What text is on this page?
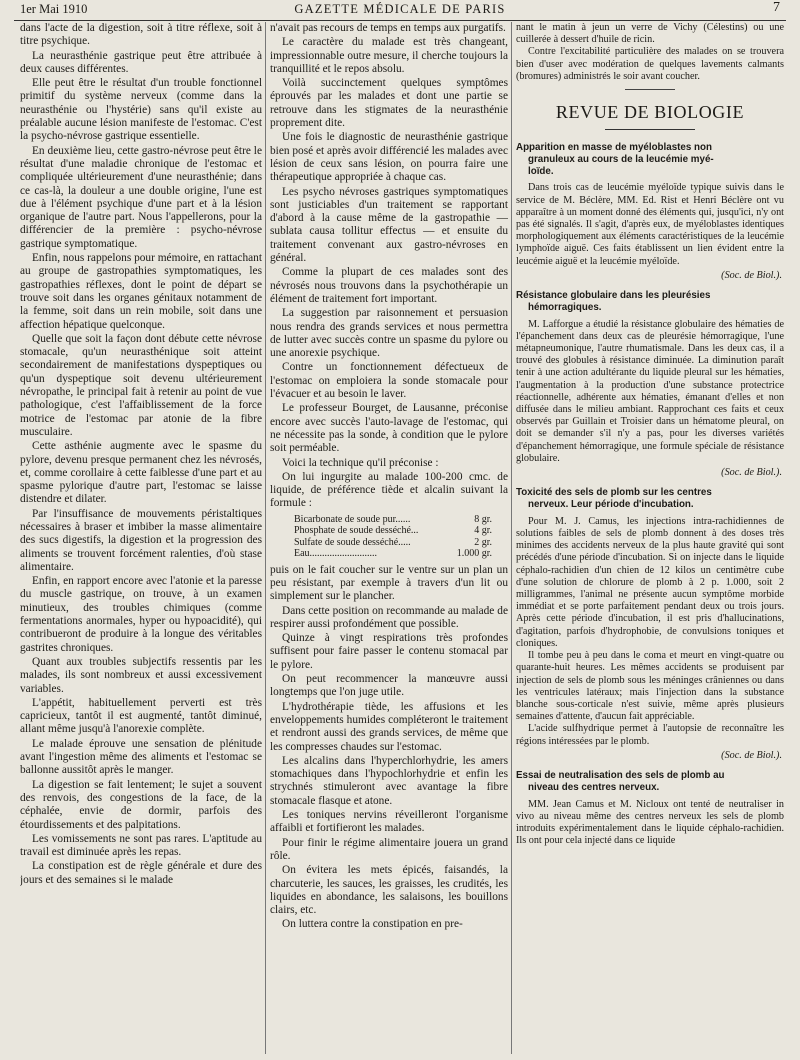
1er Mai 1910	GAZETTE MÉDICALE DE PARIS	7

dans l'acte de la digestion, soit à titre réflexe, soit à titre psychique.

La neurasthénie gastrique peut être attribuée à deux causes différentes.

Elle peut être le résultat d'un trouble fonctionnel primitif du système nerveux (comme dans la neurasthénie ou l'hystérie) sans qu'il existe au préalable aucune lésion manifeste de l'estomac. C'est la psycho-névrose gastrique essentielle.

En deuxième lieu, cette gastro-névrose peut être le résultat d'une maladie chronique de l'estomac et compliquée ultérieurement d'une neurasthénie; dans ce cas-là, la douleur a une double origine, l'une est due à l'élément psychique d'une part et à la lésion organique de l'autre part. Nous l'appellerons, pour la différencier de la première : psycho-névrose gastrique symptomatique.

Enfin, nous rappelons pour mémoire, en rattachant au groupe de gastropathies symptomatiques, les gastropathies réflexes, dont le point de départ se trouve soit dans les organes génitaux notamment de la femme, soit dans un rein mobile, soit dans une affection hépatique quelconque.

Quelle que soit la façon dont débute cette névrose stomacale, qu'un neurasthénique soit atteint secondairement de manifestations dyspeptiques ou qu'un dyspeptique soit devenu ultérieurement névropathe, le principal fait à retenir au point de vue pathologique, c'est l'affaiblissement de la force motrice de l'estomac par atonie de la fibre musculaire.

Cette asthénie augmente avec le spasme du pylore, devenu presque permanent chez les névrosés, et, comme corollaire à cette faiblesse d'une part et au spasme pylorique d'autre part, l'estomac se laisse distendre et dilater.

Par l'insuffisance de mouvements péristaltiques nécessaires à braser et imbiber la masse alimentaire des sucs digestifs, la digestion et la progression des aliments se trouvent forcément ralenties, d'où stase alimentaire.

Enfin, en rapport encore avec l'atonie et la paresse du muscle gastrique, on trouve, à un examen minutieux, des troubles chimiques (comme fermentations anormales, hyper ou hypoacidité), qui contribueront de produire à la longue des véritables gastrites chroniques.

Quant aux troubles subjectifs ressentis par les malades, ils sont nombreux et aussi excessivement variables.

L'appétit, habituellement perverti est très capricieux, tantôt il est augmenté, tantôt diminué, allant même jusqu'à l'anorexie complète.

Le malade éprouve une sensation de plénitude avant l'ingestion même des aliments et l'estomac se ballonne aussitôt après le manger.

La digestion se fait lentement; le sujet a souvent des renvois, des congestions de la face, de la céphalée, envie de dormir, parfois des étourdissements et des palpitations.

Les vomissements ne sont pas rares. L'aptitude au travail est diminuée après les repas.

La constipation est de règle générale et dure des jours et des semaines si le malade

n'avait pas recours de temps en temps aux purgatifs.

Le caractère du malade est très changeant, impressionnable outre mesure, il cherche toujours la tranquillité et le repos absolu.

Voilà succinctement quelques symptômes éprouvés par les malades et dont une partie se retrouve dans les stigmates de la neurasthénie proprement dite.

Une fois le diagnostic de neurasthénie gastrique bien posé et après avoir différencié les malades avec lésion de ceux sans lésion, on pourra faire une thérapeutique appropriée à chaque cas.

Les psycho névroses gastriques symptomatiques sont justiciables d'un traitement se rapportant d'abord à la cause même de la gastropathie — sublata causa tollitur effectus — et ensuite du traitement convenant aux gastro-névroses en général.

Comme la plupart de ces malades sont des névrosés nous trouvons dans la psychothérapie un élément de traitement fort important.

La suggestion par raisonnement et persuasion nous rendra des grands services et nous permettra de lutter avec succès contre un spasme du pylore ou une anorexie psychique.

Contre un fonctionnement défectueux de l'estomac on emploiera la sonde stomacale pour l'évacuer et au besoin le laver.

Le professeur Bourget, de Lausanne, préconise encore avec succès l'auto-lavage de l'estomac, qui ne nécessite pas la sonde, à condition que le pylore soit perméable.

Voici la technique qu'il préconise :

On lui ingurgite au malade 100-200 cmc. de liquide, de préférence tiède et alcalin suivant la formule :

Bicarbonate de soude pur......	8 gr.
Phosphate de soude desséché...	4 gr.
Sulfate de soude desséché.....	2 gr.
Eau...........................	1.000 gr.

puis on le fait coucher sur le ventre sur un plan un peu résistant, par exemple à travers d'un lit ou simplement sur le plancher.

Dans cette position on recommande au malade de respirer aussi profondément que possible.

Quinze à vingt respirations très profondes suffisent pour faire passer le contenu stomacal par le pylore.

On peut recommencer la manœuvre aussi longtemps que l'on juge utile.

L'hydrothérapie tiède, les affusions et les enveloppements humides compléteront le traitement et rendront aussi des grands services, de même que les compresses chaudes sur l'estomac.

Les alcalins dans l'hyperchlorhydrie, les amers stomachiques dans l'hypochlorhydrie et enfin les strychnés stimuleront avec avantage la fibre stomacale flasque et atone.

Les toniques nervins réveilleront l'organisme affaibli et fortifieront les malades.

Pour finir le régime alimentaire jouera un grand rôle.

On évitera les mets épicés, faisandés, la charcuterie, les sauces, les graisses, les crudités, les liquides en abondance, les salaisons, les bouillons clairs, etc.

On luttera contre la constipation en pre-

nant le matin à jeun un verre de Vichy (Célestins) ou une cuillerée à dessert d'huile de ricin.

Contre l'excitabilité particulière des malades on se trouvera bien d'user avec modération de quelques lavements calmants (bromures) administrés le soir avant coucher.

REVUE DE BIOLOGIE
Apparition en masse de myéloblastes non
granuleux au cours de la leucémie myé-
loïde.

Dans trois cas de leucémie myéloïde typique suivis dans le service de M. Béclère, MM. Ed. Rist et Henri Béclère ont vu apparaître à un moment donné des éléments qui, jusqu'ici, n'y ont pas été signalés. Il s'agit, d'après eux, de myéloblastes identiques morphologiquement aux éléments caractéristiques de la leucémie lymphoïde aiguë. Ces faits établissent un lien évident entre la leucémie aiguë et la leucémie myéloïde.

(Soc. de Biol.).
Résistance globulaire dans les pleurésies
hémorragiques.

M. Lafforgue a étudié la résistance globulaire des hématies de l'épanchement dans deux cas de pleurésie hémorragique, l'une métapneumonique, l'autre rhumatismale. Dans les deux cas, il a trouvé des globules à résistance diminuée. La diminution paraît tenir à une action adultérante du liquide pleural sur les hématies, l'augmentation à la production d'une substance protectrice réactionnelle, adhérente aux hématies, émanant d'elles et non diffusée dans le milieu ambiant. Rapprochant ces faits et ceux observés par Guillain et Troisier dans un hématome pleural, on doit se demander s'il n'y a pas, pour les diverses variétés d'épanchement hémorragique, une formule spéciale de résistance globulaire.

(Soc. de Biol.).
Toxicité des sels de plomb sur les centres
nerveux. Leur période d'incubation.

Pour M. J. Camus, les injections intra-rachidiennes de solutions faibles de sels de plomb donnent à des doses très minimes des accidents nerveux de la plus haute gravité qui sont précédés d'une période d'incubation. Si on injecte dans le liquide céphalo-rachidien d'un chien de 12 kilos un centimètre cube d'une solution de chlorure de plomb à 2 p. 1.000, soit 2 milligrammes, l'animal ne présente aucun symptôme morbide immédiat et se porte parfaitement pendant deux ou trois jours. Après cette période d'incubation, il est pris d'hallucinations, d'agitation, parfois d'hydrophobie, de convulsions toniques et cloniques.

Il tombe peu à peu dans le coma et meurt en vingt-quatre ou quarante-huit heures. Les mêmes accidents se produisent par injection de sels de plomb sous les méninges crâniennes ou dans les ventricules latéraux; mais l'injection dans la substance blanche sous-corticale n'est suivie, même après plusieurs semaines d'attente, d'aucun fait appréciable.

L'acide sulfhydrique permet à l'autopsie de reconnaître les régions intéressées par le plomb.

(Soc. de Biol.).
Essai de neutralisation des sels de plomb au
niveau des centres nerveux.

MM. Jean Camus et M. Nicloux ont tenté de neutraliser in vivo au niveau même des centres nerveux les sels de plomb introduits expérimentalement dans le liquide céphalo-rachidien. Ils ont pour cela injecté dans ce liquide
